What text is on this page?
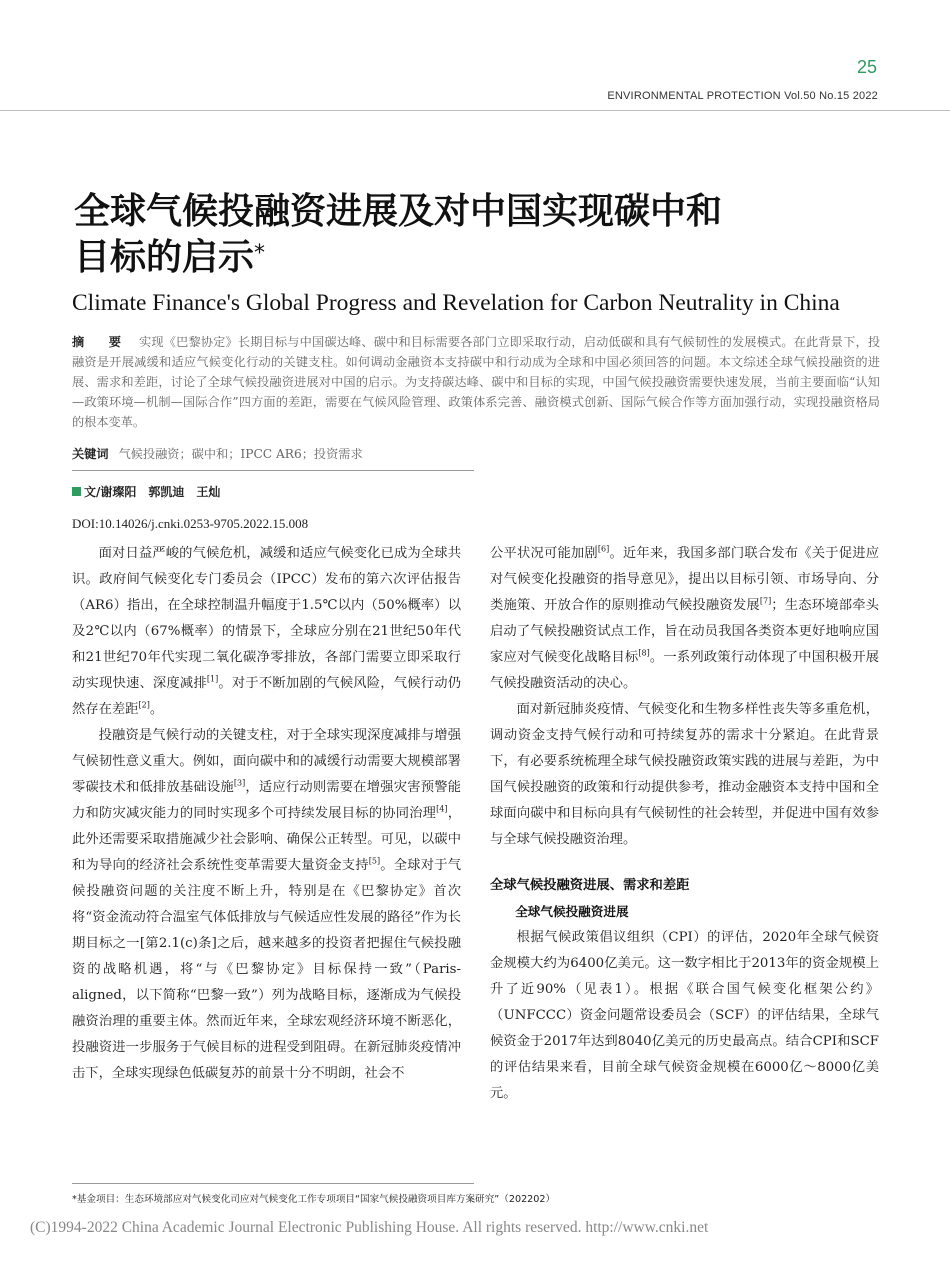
25
ENVIRONMENTAL PROTECTION Vol.50 No.15 2022
全球气候投融资进展及对中国实现碳中和
目标的启示*
Climate Finance's Global Progress and Revelation for Carbon Neutrality in China
摘　要 实现《巴黎协定》长期目标与中国碳达峰、碳中和目标需要各部门立即采取行动，启动低碳和具有气候韧性的发展模式。在此背景下，投融资是开展减缓和适应气候变化行动的关键支柱。如何调动金融资本支持碳中和行动成为全球和中国必须回答的问题。本文综述全球气候投融资的进展、需求和差距，讨论了全球气候投融资进展对中国的启示。为支持碳达峰、碳中和目标的实现，中国气候投融资需要快速发展，当前主要面临“认知—政策环境—机制—国际合作”四方面的差距，需要在气候风险管理、政策体系完善、融资模式创新、国际气候合作等方面加强行动，实现投融资格局的根本变革。
关键词 气候投融资；碳中和；IPCC AR6；投资需求
文/谢璨阳　郭凯迪　王灿
DOI:10.14026/j.cnki.0253-9705.2022.15.008

面对日益严峻的气候危机，减缓和适应气候变化已成为全球共识。政府间气候变化专门委员会（IPCC）发布的第六次评估报告（AR6）指出，在全球控制温升幅度于1.5℃以内（50%概率）以及2℃以内（67%概率）的情景下，全球应分别在21世纪50年代和21世纪70年代实现二氧化碳净零排放，各部门需要立即采取行动实现快速、深度减排[1]。对于不断加剧的气候风险，气候行动仍然存在差距[2]。

投融资是气候行动的关键支柱，对于全球实现深度减排与增强气候韧性意义重大。例如，面向碳中和的减缓行动需要大规模部署零碳技术和低排放基础设施[3]，适应行动则需要在增强灾害预警能力和防灾减灾能力的同时实现多个可持续发展目标的协同治理[4]，此外还需要采取措施减少社会影响、确保公正转型。可见，以碳中和为导向的经济社会系统性变革需要大量资金支持[5]。全球对于气候投融资问题的关注度不断上升，特别是在《巴黎协定》首次将“资金流动符合温室气体低排放与气候适应性发展的路径”作为长期目标之一[第2.1(c)条]之后，越来越多的投资者把握住气候投融资的战略机遇，将“与《巴黎协定》目标保持一致”（Paris-aligned，以下简称“巴黎一致”）列为战略目标，逐渐成为气候投融资治理的重要主体。然而近年来，全球宏观经济环境不断恶化，投融资进一步服务于气候目标的进程受到阻碍。在新冠肺炎疫情冲击下，全球实现绿色低碳复苏的前景十分不明朗，社会不

公平状况可能加剧[6]。近年来，我国多部门联合发布《关于促进应对气候变化投融资的指导意见》，提出以目标引领、市场导向、分类施策、开放合作的原则推动气候投融资发展[7]；生态环境部牵头启动了气候投融资试点工作，旨在动员我国各类资本更好地响应国家应对气候变化战略目标[8]。一系列政策行动体现了中国积极开展气候投融资活动的决心。

面对新冠肺炎疫情、气候变化和生物多样性丧失等多重危机，调动资金支持气候行动和可持续复苏的需求十分紧迫。在此背景下，有必要系统梳理全球气候投融资政策实践的进展与差距，为中国气候投融资的政策和行动提供参考，推动金融资本支持中国和全球面向碳中和目标向具有气候韧性的社会转型，并促进中国有效参与全球气候投融资治理。

全球气候投融资进展、需求和差距

全球气候投融资进展

根据气候政策倡议组织（CPI）的评估，2020年全球气候资金规模大约为6400亿美元。这一数字相比于2013年的资金规模上升了近90%（见表1）。根据《联合国气候变化框架公约》（UNFCCC）资金问题常设委员会（SCF）的评估结果，全球气候资金于2017年达到8040亿美元的历史最高点。结合CPI和SCF的评估结果来看，目前全球气候资金规模在6000亿～8000亿美元。

*基金项目：生态环境部应对气候变化司应对气候变化工作专项项目“国家气候投融资项目库方案研究”（202202）
(C)1994-2022 China Academic Journal Electronic Publishing House. All rights reserved. http://www.cnki.net
